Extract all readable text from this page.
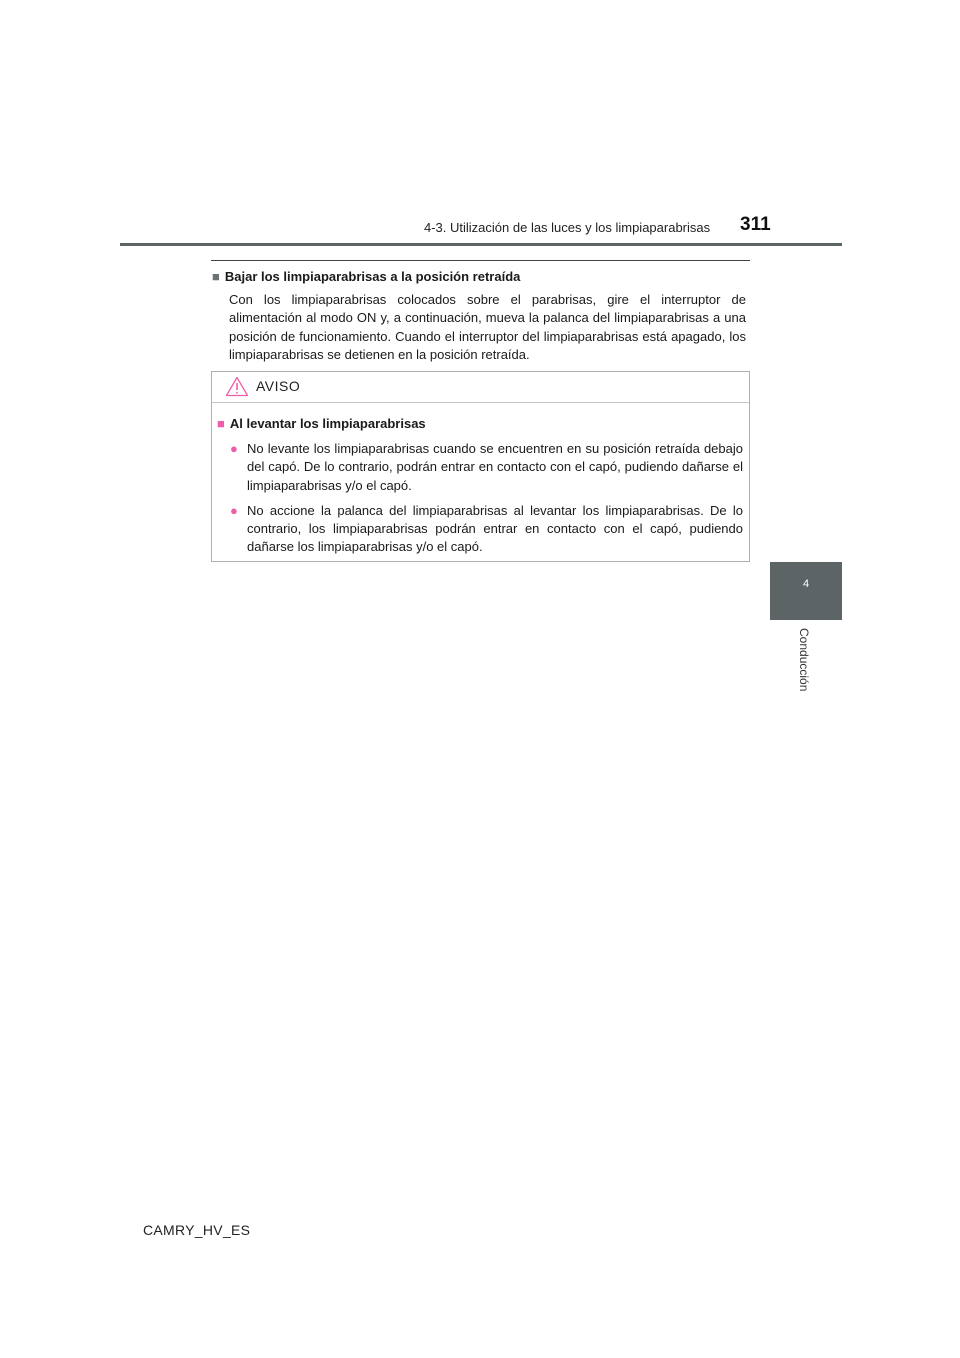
4-3. Utilización de las luces y los limpiaparabrisas 311
4
Conducción
■ Bajar los limpiaparabrisas a la posición retraída
Con los limpiaparabrisas colocados sobre el parabrisas, gire el interruptor de alimentación al modo ON y, a continuación, mueva la palanca del limpiaparabrisas a una posición de funcionamiento. Cuando el interruptor del limpiaparabrisas está apagado, los limpiaparabrisas se detienen en la posición retraída.
AVISO
■ Al levantar los limpiaparabrisas
● No levante los limpiaparabrisas cuando se encuentren en su posición retraída debajo del capó. De lo contrario, podrán entrar en contacto con el capó, pudiendo dañarse el limpiaparabrisas y/o el capó.
● No accione la palanca del limpiaparabrisas al levantar los limpiaparabrisas. De lo contrario, los limpiaparabrisas podrán entrar en contacto con el capó, pudiendo dañarse los limpiaparabrisas y/o el capó.
CAMRY_HV_ES
